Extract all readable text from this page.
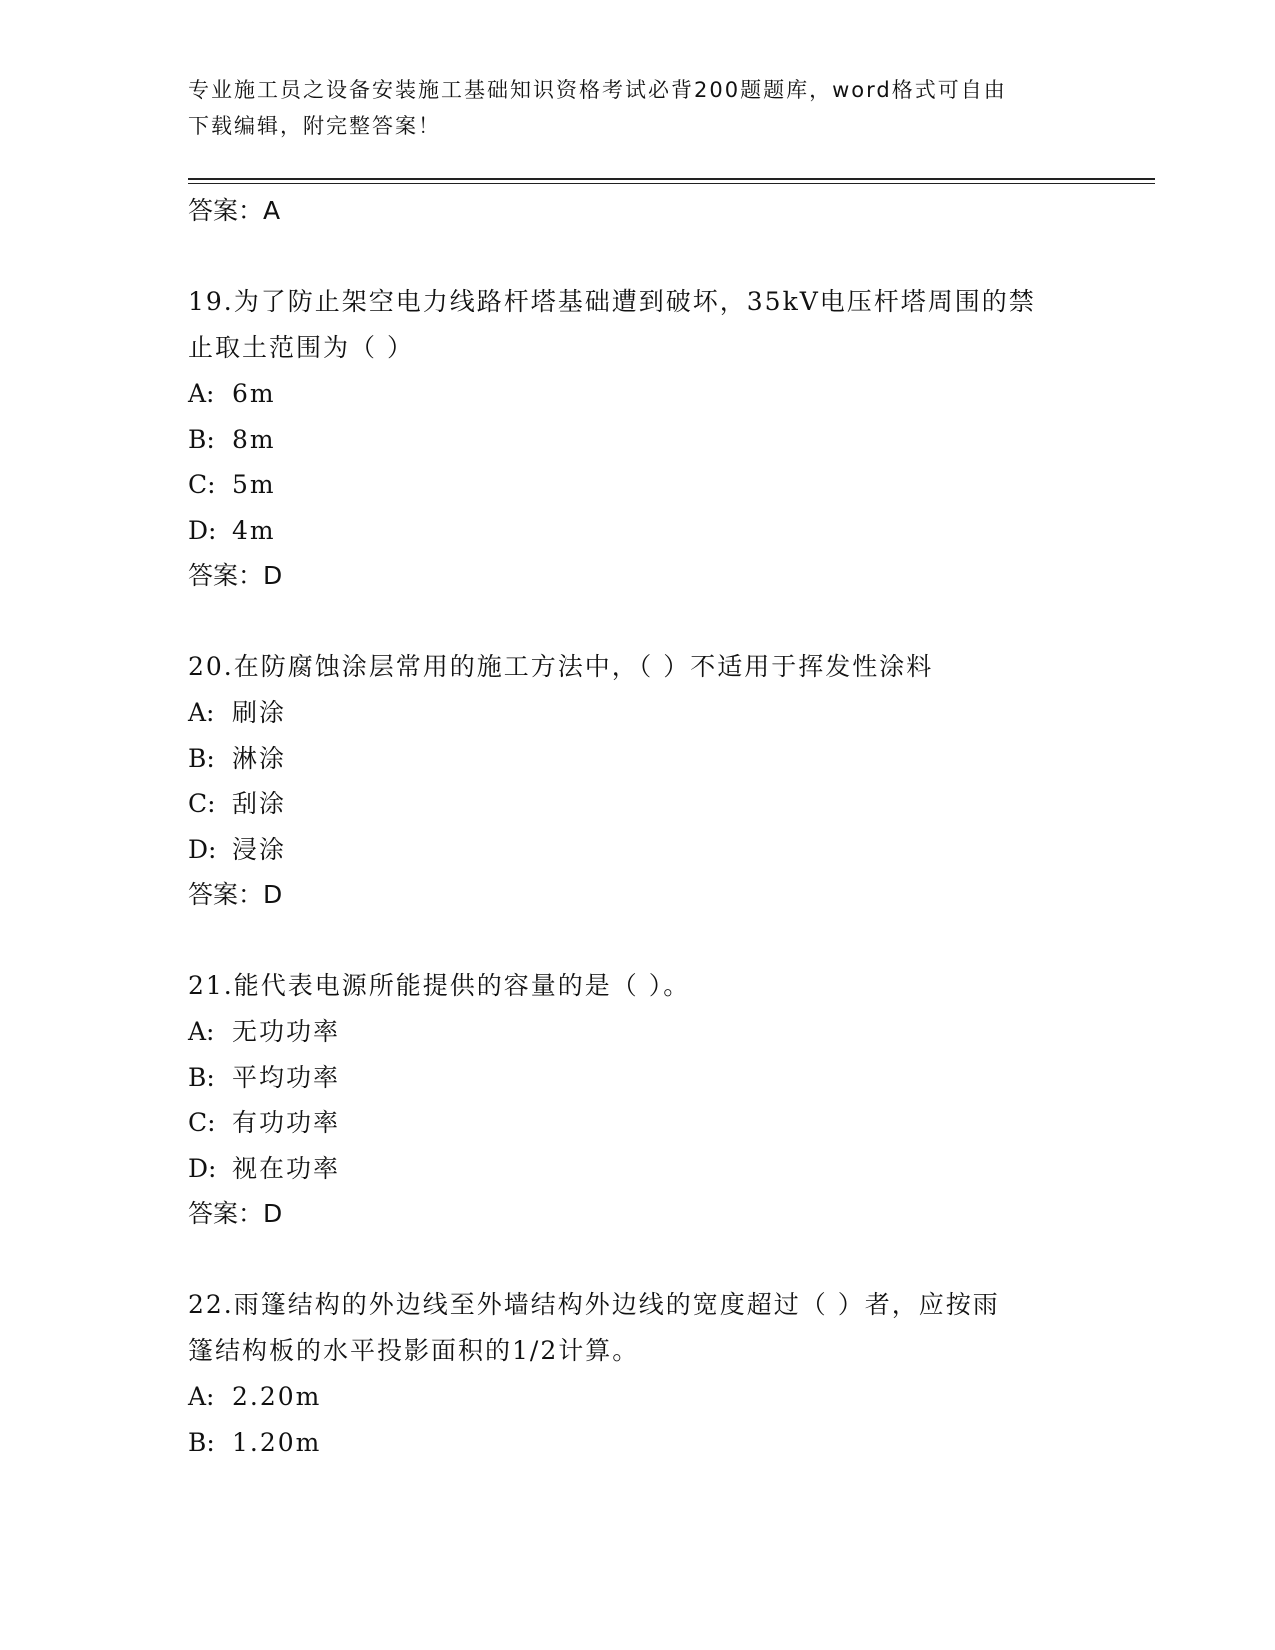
专业施工员之设备安装施工基础知识资格考试必背200题题库，word格式可自由
下载编辑，附完整答案！
答案：A
19.为了防止架空电力线路杆塔基础遭到破坏，35kV电压杆塔周围的禁
止取土范围为（ ）
A: 6m
B: 8m
C: 5m
D: 4m
答案：D
20.在防腐蚀涂层常用的施工方法中，（ ）不适用于挥发性涂料
A: 刷涂
B: 淋涂
C: 刮涂
D: 浸涂
答案：D
21.能代表电源所能提供的容量的是（ ）。
A: 无功功率
B: 平均功率
C: 有功功率
D: 视在功率
答案：D
22.雨篷结构的外边线至外墙结构外边线的宽度超过（ ）者，应按雨
篷结构板的水平投影面积的1/2计算。
A: 2.20m
B: 1.20m
